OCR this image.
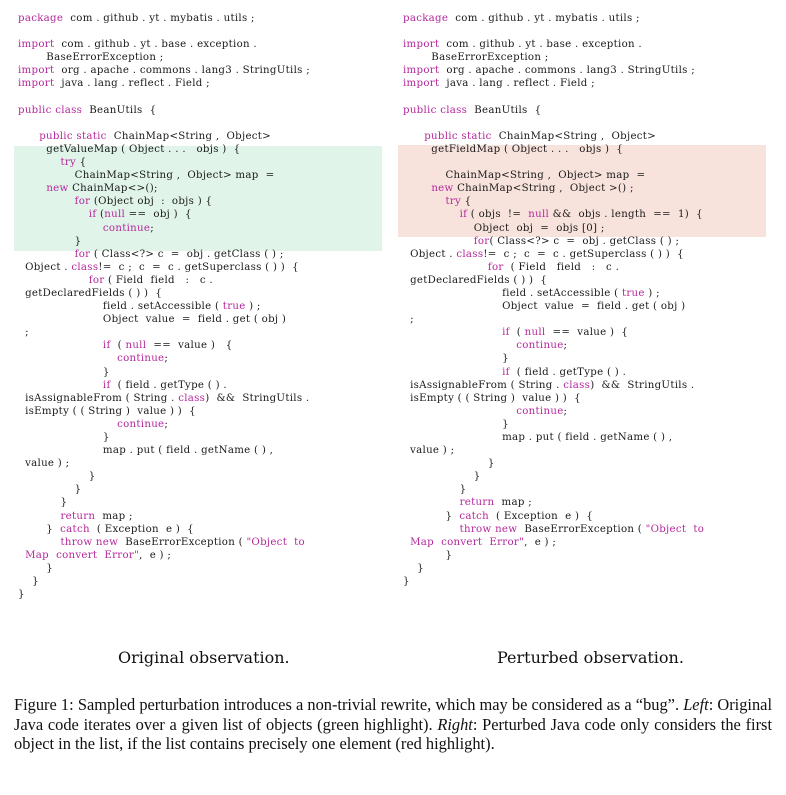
package  com . github . yt . mybatis . utils ;
import  com . github . yt . base . exception .
BaseErrorException ;
import  org . apache . commons . lang3 . StringUtils ;
import  java . lang . reflect . Field ;
public class  BeanUtils  {
public static  ChainMap<String ,  Object>
getValueMap ( Object . . .   objs )  {
try {
ChainMap<String ,  Object> map  =
new ChainMap<>();
for (Object obj  :  objs ) {
if (null ==  obj )  {
continue;
}
for ( Class<?> c  =  obj . getClass ( ) ;
Object . class!=  c ;  c  =  c . getSuperclass ( ) )  {
for ( Field  field   :   c .
getDeclaredFields ( ) )  {
field . setAccessible ( true ) ;
Object  value  =  field . get ( obj )
;
if  ( null  ==  value )   {
continue;
}
if  ( field . getType ( ) .
isAssignableFrom ( String . class)  &&  StringUtils .
isEmpty ( ( String )  value ) )  {
continue;
}
map . put ( field . getName ( ) ,
value ) ;
}
}
}
return  map ;
}  catch  ( Exception  e )  {
throw new  BaseErrorException ( "Object  to
Map  convert  Error",  e ) ;
}
}
}
package  com . github . yt . mybatis . utils ;
import  com . github . yt . base . exception .
BaseErrorException ;
import  org . apache . commons . lang3 . StringUtils ;
import  java . lang . reflect . Field ;
public class  BeanUtils  {
public static  ChainMap<String ,  Object>
getFieldMap ( Object . . .   objs )  {
ChainMap<String ,  Object> map  =
new ChainMap<String ,  Object >() ;
try {
if ( objs  !=  null &&  objs . length  ==  1)  {
Object  obj  =  objs [0] ;
for( Class<?> c  =  obj . getClass ( ) ;
Object . class!=  c ;  c  =  c . getSuperclass ( ) )  {
for  ( Field   field   :   c .
getDeclaredFields ( ) )  {
field . setAccessible ( true ) ;
Object  value  =  field . get ( obj )
;
if  ( null  ==  value )  {
continue;
}
if  ( field . getType ( ) .
isAssignableFrom ( String . class)  &&  StringUtils .
isEmpty ( ( String )  value ) )  {
continue;
}
map . put ( field . getName ( ) ,
value ) ;
}
}
}
return  map ;
}  catch  ( Exception  e )  {
throw new  BaseErrorException ( "Object  to
Map  convert  Error",  e ) ;
}
}
}
Original observation.	Perturbed observation.
Figure 1: Sampled perturbation introduces a non-trivial rewrite, which may be considered as a “bug”. Left: Original Java code iterates over a given list of objects (green highlight). Right: Perturbed Java code only considers the first object in the list, if the list contains precisely one element (red highlight).
